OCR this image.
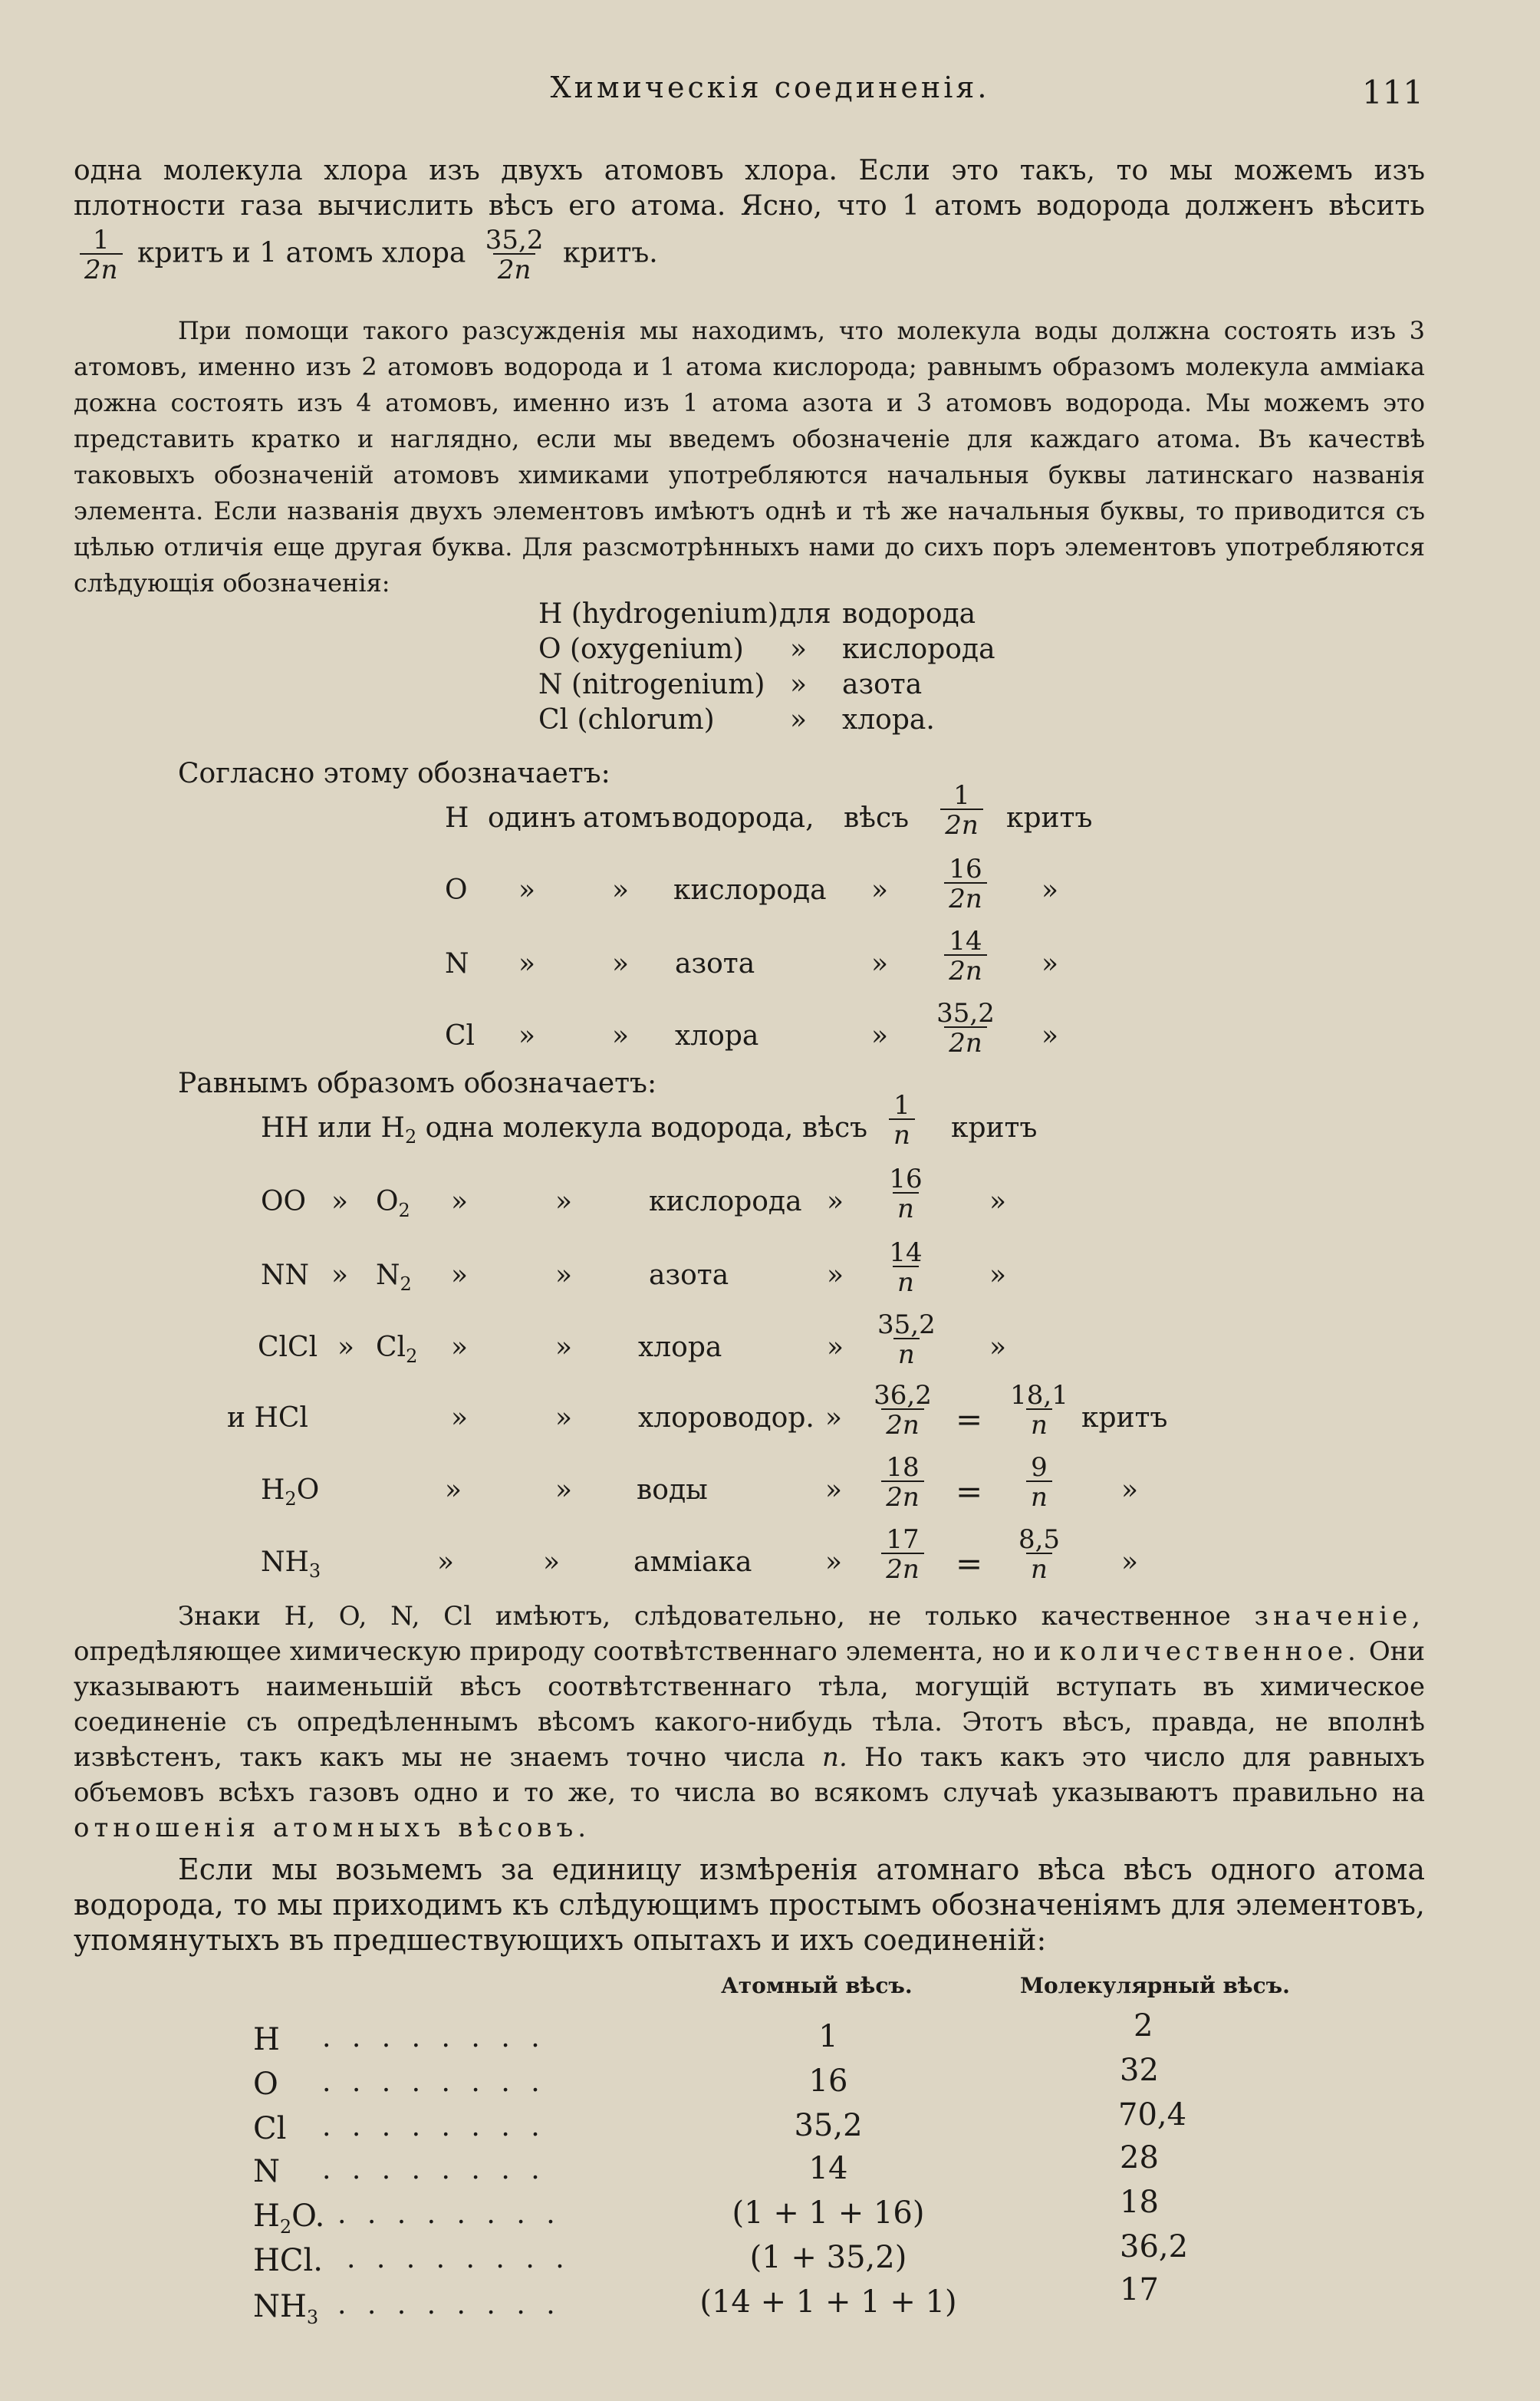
Химическія соединенія.	111
одна молекула хлора изъ двухъ атомовъ хлора. Если это такъ, то мы можемъ изъ
плотности газа вычислить вѣсъ его атома. Ясно, что 1 атомъ водорода долженъ вѣсить
$\frac{1}{2n}$ критъ и 1 атомъ хлора $\frac{35,2}{2n}$ критъ.

При помощи такого разсужденія мы находимъ, что молекула воды должна состоять изъ 3 атомовъ, именно изъ 2 атомовъ водорода и 1 атома кислорода; равнымъ образомъ молекула амміака дожна состоять изъ 4 атомовъ, именно изъ 1 атома азота и 3 атомовъ водорода. Мы можемъ это представить кратко и наглядно, если мы введемъ обозначеніе для каждаго атома. Въ качествѣ таковыхъ обозначеній атомовъ химиками употребляются начальныя буквы латинскаго названія элемента. Если названія двухъ элементовъ имѣютъ однѣ и тѣ же начальныя буквы, то приводится съ цѣлью отличія еще другая буква. Для разсмотрѣнныхъ нами до сихъ поръ элементовъ употребляются слѣдующія обозначенія:

H (hydrogenium) для водорода
O (oxygenium) » кислорода
N (nitrogenium) » азота
Cl (chlorum)	» хлора.
Согласно этому обозначаетъ:
H одинъ атомъ водорода, вѣсъ $\frac{1}{2n}$ критъ
O »	» кислорода » $\frac{16}{2n}$ »
N »	» азота	» $\frac{14}{2n}$ »
Cl »	» хлора	» $\frac{35,2}{2n}$ »
Равнымъ образомъ обозначаетъ:
HH или $H_2$ одна молекула водорода, вѣсъ $\frac{1}{n}$ критъ
OO » $O_2$ »	»	кислорода » $\frac{16}{n}$ »
NN » $N_2$ »	»	азота	» $\frac{14}{n}$ »
ClCl » $Cl_2$ »	» хлора	» $\frac{35,2}{n}$ »
и HCl	»	» хлороводор. » $\frac{36,2}{2n} = \frac{18,1}{n}$ критъ
$H_2O$	»	» воды	» $\frac{18}{2n} = \frac{9}{n}$	»
$NH_3$	»	»	амміака	» $\frac{17}{2n} = \frac{8,5}{n}$ »

Знаки H, O, N, Cl имѣютъ, слѣдовательно, не только качественное значеніе, опредѣляющее химическую природу соотвѣтственнаго элемента, но и количественное. Они указываютъ наименьшій вѣсъ соотвѣтственнаго тѣла, могущій вступать въ химическое соединеніе съ опредѣленнымъ вѣсомъ какого-нибудь тѣла. Этотъ вѣсъ, правда, не вполнѣ извѣстенъ, такъ какъ мы не знаемъ точно числа n. Но такъ какъ это число для равныхъ объемовъ всѣхъ газовъ одно и то же, то числа во всякомъ случаѣ указываютъ правильно на отношенія атомныхъ вѣсовъ.

Если мы возьмемъ за единицу измѣренія атомнаго вѣса вѣсъ одного атома водорода, то мы приходимъ къ слѣдующимъ простымъ обозначеніямъ для элементовъ, упомянутыхъ въ предшествующихъ опытахъ и ихъ соединеній:

Атомный вѣсъ.	Молекулярный вѣсъ.
H . . . . . . . .	1	2
O . . . . . . . .	16	32
Cl . . . . . . . .	35,2	70,4
N . . . . . . . .	14	28
$H_2O$. . . . . . . . .	(1 + 1 + 16)	18
HCl. . . . . . . . .	(1 + 35,2)	36,2
$NH_3$ . . . . . . . .	(14 + 1 + 1 + 1)	17
